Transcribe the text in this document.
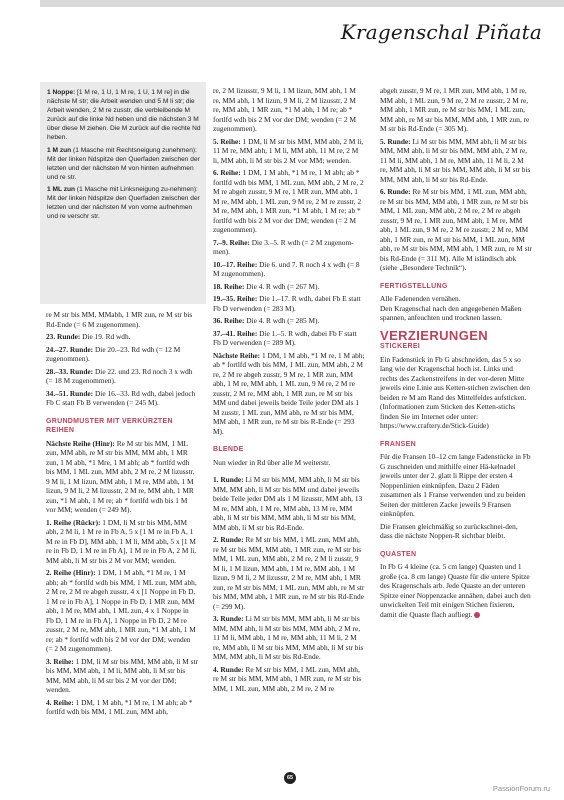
Kragenschal Piñata

1 Noppe: [1 M re, 1 U, 1 M re, 1 U, 1 M re] in die nächste M str; die Arbeit wenden und 5 M li str; die Arbeit wenden, 2 M re zusstr, die verbleibende M zurück auf die linke Nd heben und die nächsten 3 M über diese M ziehen. Die M zurück auf die rechte Nd heben.

1 M zun (1 Masche mit Rechtsneigung zunehmen): Mit der linken Ndspitze den Querfaden zwischen der letzten und der nächsten M von hinten aufnehmen und re str.

1 ML zun (1 Masche mit Linksneigung zu-nehmen): Mit der linken Ndspitze den Querfaden zwischen der letzten und der nächsten M von vorne aufnehmen und re verschr str.

re M str bis MM, MMabh, 1 MR zun, re M str bis Rd-Ende (= 6 M zugenommen).

23. Runde: Die 19. Rd wdh.

24.–27. Runde: Die 20.–23. Rd wdh (= 12 M zugenommen).

28.–33. Runde: Die 22. und 23. Rd noch 3 x wdh (= 18 M zugenommen).

34.–51. Runde: Die 16.–33. Rd wdh, dabei jedoch Fb C statt Fb B verwenden (= 245 M).

GRUNDMUSTER MIT VERKÜRZTEN REIHEN

Nächste Reihe (Hinr): Re M str bis MM, 1 ML zun, MM abh, re M str bis MM, MM abh, 1 MR zun, 1 M abh, *1 Mre, 1 M abh; ab * fortlfd wdh bis MM, 1 ML zun, MM abh, 2 M re, 2 M lizusstr, 9 M li, 1 M lizun, MM abh, 1 M re, MM abh, 1 M lizun, 9 M li, 2 M lizusstr, 2 M re, MM abh, 1 MR zun, *1 M abh, 1 M re; ab * fortlfd wdh bis 1 M vor MM; wenden (= 249 M).

1. Reihe (Rückr): 1 DM, li M str bis MM, MM abh, 2 M li, 1 M re in Fb A, 5 x [1 M re in Fb A, 1 M re in Fb D], MM abh, 1 M li, MM abh, 5 x [1 M re in Fb D, 1 M re in Fb A], 1 M re in Fb A, 2 M li, MM abh, li M str bis 2 M vor MM; wenden.

2. Reihe (Hinr): 1 DM, 1 M abh, *1 M re, 1 M abh; ab * fortlfd wdh bis MM, 1 ML zun, MM abh, 2 M re, 2 M re abgeh zusstr, 4 x [1 Noppe in Fb D, 1 M re in Fb A], 1 Noppe in Fb D, 1 MR zun, MM abh, 1 M re, MM abh, 1 ML zun, 4 x 1 Noppe in Fb D, 1 M re in Fb A], 1 Noppe in Fb D, 2 M re zusstr, 2 M re, MM abh, 1 MR zun, *1 M abh, 1 M re; ab * fortlfd wdh bis 2 M vor der DM; wenden (= 2 M zugenommen).

3. Reihe: 1 DM, li M str bis MM, MM abh, li M str bis MM, MM abh, 1 M li, MM abh, li M str bis MM, MM abh, li M str bis 2 M vor der DM; wenden.

4. Reihe: 1 DM, 1 M abh, *1 M re, 1 M abh; ab * fortlfd wdh bis MM, 1 ML zun, MM abh,

re, 2 M lizusstr, 9 M li, 1 M lizun, MM abh, 1 M re, MM abh, 1 M lizun, 9 M li, 2 M lizusstr, 2 M re, MM abh, 1 MR zun, *1 M abh, 1 M re; ab * fortlfd wdh bis 2 M vor der DM; wenden (= 2 M zugenommen).

5. Reihe: 1 DM, li M str bis MM, MM abh, 2 M li, 11 M re, MM abh, 1 M li, MM abh, 11 M re, 2 M li, MM abh, li M str bis 2 M vor MM; wenden.

6. Reihe: 1 DM, 1 M abh, *1 M re, 1 M abh; ab * fortlfd wdh bis MM, 1 ML zun, MM abh, 2 M re, 2 M re abgeh zusstr, 9 M re, 1 MR zun, MM abh, 1 M re, MM abh, 1 ML zun, 9 M re, 2 M re zusstr, 2 M re, MM abh, 1 MR zun, *1 M abh, 1 M re; ab * fortlfd wdh bis 2 M vor der DM; wenden (= 2 M zugenommen).

7.–9. Reihe: Die 3.–5. R wdh (= 2 M zugenom-men).

10.–17. Reihe: Die 6. und 7. R noch 4 x wdh (= 8 M zugenommen).

18. Reihe: Die 4. R wdh (= 267 M).

19.–35. Reihe: Die 1.–17. R wdh, dabei Fb E statt Fb D verwenden (= 283 M).

36. Reihe: Die 4. R wdh (= 285 M).

37.–41. Reihe: Die 1.–5. R wdh, dabei Fb F statt Fb D verwenden (= 289 M).

Nächste Reihe: 1 DM, 1 M abh, *1 M re, 1 M abh; ab * fortlfd wdh bis MM, 1 ML zun, MM abh, 2 M re, 2 M re abgeh zusstr, 9 M re, 1 MR zun, MM abh, 1 M re, MM abh, 1 ML zun, 9 M re, 2 M re zusstr, 2 M re, MM abh, 1 MR zun, re M str bis MM und dabei jeweils beide Teile jeder DM als 1 M zusstr, 1 ML zun, MM abh, re M str bis MM, MM abh, 1 MR zun, re M str bis R-Ende (= 293 M).

BLENDE

Nun wieder in Rd über alle M weiterstr.

1. Runde: Li M str bis MM, MM abh, li M str bis MM, MM abh, li M str bis MM und dabei jeweils beide Teile jeder DM als 1 M lizusstr, MM abh, 13 M re, MM abh, 1 M re, MM abh, 13 M re, MM abh, li M str bis MM, MM abh, li M str bis MM, MM abh, li M str bis Rd-Ende.

2. Runde: Re M str bis MM, 1 ML zun, MM abh, re M str bis MM, MM abh, 1 MR zun, re M str bis MM, 1 ML zun, MM abh, 2 M re, 2 M li zusstr, 9 M li, 1 M lizun, MM abh, 1 M re, MM abh, 1 M lizun, 9 M li, 2 M lizusstr, 2 M re, MM abh, 1 MR zun, re M str bis MM, 1 ML zun, MM abh, re M str bis MM, MM abh, 1 MR zun, re M str bis Rd-Ende (= 299 M).

3. Runde: Li M str bis MM, MM abh, li M str bis MM, MM abh, li M str bis MM, MM abh, 2 M re, 11 M li, MM abh, 1 M re, MM abh, 11 M li, 2 M re, MM abh, li M str bis MM, MM abh, li M str bis MM, MM abh, li M str bis Rd-Ende.

4. Runde: Re M str bis MM, 1 ML zun, MM abh, re M str bis MM, MM abh, 1 MR zun, re M str bis MM, 1 ML zun, MM abh, 2 M re, 2 M re

abgeh zusstr, 9 M re, 1 MR zun, MM abh, 1 M re, MM abh, 1 ML zun, 9 M re, 2 M re zusstr, 2 M re, MM abh, 1 MR zun, re M str bis MM, 1 ML zun, MM abh, re M str bis MM, MM abh, 1 MR zun, re M str bis Rd-Ende (= 305 M).

5. Runde: Li M str bis MM, MM abh, li M str bis MM, MM abh, li M str bis MM, MM abh, 2 M re, 11 M li, MM abh, 1 M re, MM abh, 11 M li, 2 M re, MM abh, li M str bis MM, MM abh, li M str bis MM, MM abh, li M str bis Rd-Ende.

6. Runde: Re M str bis MM, 1 ML zun, MM abh, re M str bis MM, MM abh, 1 MR zun, re M str bis MM, 1 ML zun, MM abh, 2 M re, 2 M re abgeh zusstr, 9 M re, 1 MR zun, MM abh, 1 M re, MM abh, 1 ML zun, 9 M re, 2 M re zusstr, 2 M re, MM abh, 1 MR zun, re M str bis MM, 1 ML zun, MM abh, re M str bis MM, MM abh, 1 MR zun, re M str bis Rd-Ende (= 311 M). Alle M isländisch abk (siehe „Besondere Technik“).

FERTIGSTELLUNG

Alle Fadenenden vernähen.
Den Kragenschal nach den angegebenen Maßen spannen, anfeuchten und trocknen lassen.

VERZIERUNGEN
STICKEREI

Ein Fadenstück in Fb G abschneiden, das 5 x so lang wie der Kragenschal hoch ist. Links und rechts des Zackenstreifens in der vor-deren Mitte jeweils eine Linie aus Ketten-stichen zwischen den beiden re M am Rand des Mittelfeldes aufsticken. (Informationen zum Sticken des Ketten-stichs finden Sie im Internet oder unter: https://www.craftery.de/Stick-Guide)

FRANSEN

Für die Fransen 10–12 cm lange Fadenstücke in Fb G zuschneiden und mithilfe einer Hä-kelnadel jeweils unter der 2. glatt li Rippe der ersten 4 Noppenlinien einknüpfen. Dazu 2 Fäden zusammen als 1 Franse verwenden und zu beiden Seiten der mittleren Zacke jeweils 9 Fransen einknüpfen.

Die Fransen gleichmäßig so zurückschnei-den, dass die nächste Noppen-R sichtbar bleibt.

QUASTEN

In Fb G 4 kleine (ca. 5 cm lange) Quasten und 1 große (ca. 8 cm lange) Quaste für die untere Spitze des Kragenschals arb. Jede Quaste an der unteren Spitze einer Noppenzacke annähen, dabei auch den unwickelten Teil mit einigen Stichen fixieren, damit die Quaste flach aufliegt.

65
PassionForum.ru
